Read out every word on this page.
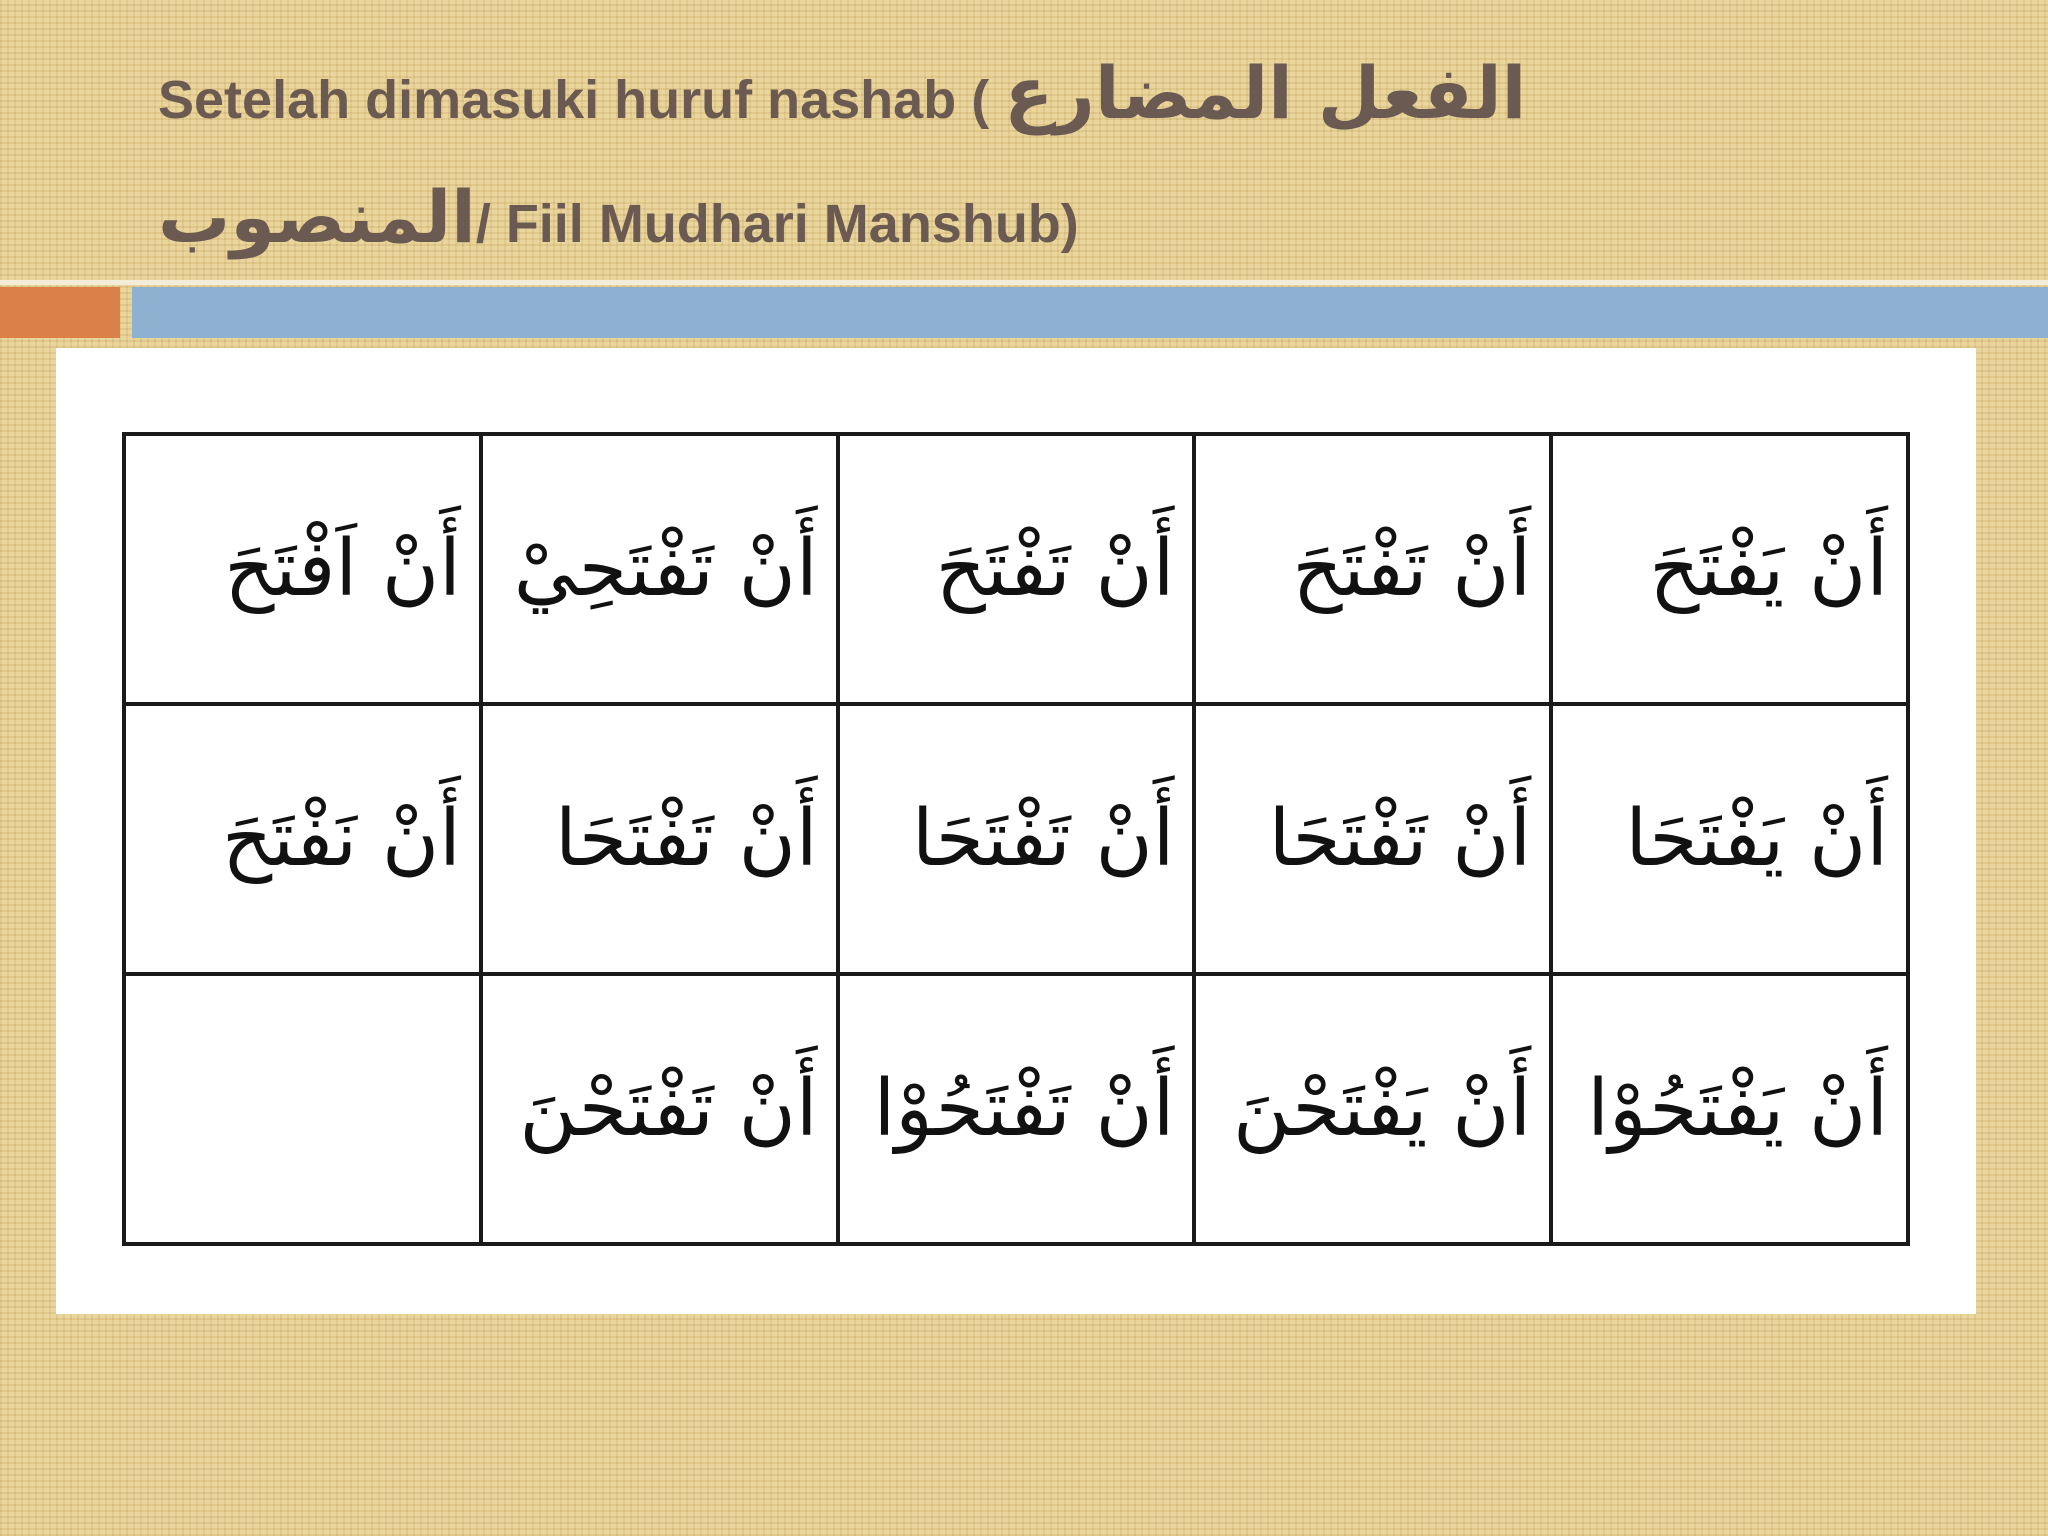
Setelah dimasuki huruf nashab ( الفعل المضارع
المنصوب/ Fiil Mudhari Manshub)
أَنْ يَفْتَحَ	أَنْ تَفْتَحَ	أَنْ تَفْتَحَ	أَنْ تَفْتَحِيْ	أَنْ اَفْتَحَ
أَنْ يَفْتَحَا	أَنْ تَفْتَحَا	أَنْ تَفْتَحَا	أَنْ تَفْتَحَا	أَنْ نَفْتَحَ
أَنْ يَفْتَحُوْا	أَنْ يَفْتَحْنَ	أَنْ تَفْتَحُوْا	أَنْ تَفْتَحْنَ	
